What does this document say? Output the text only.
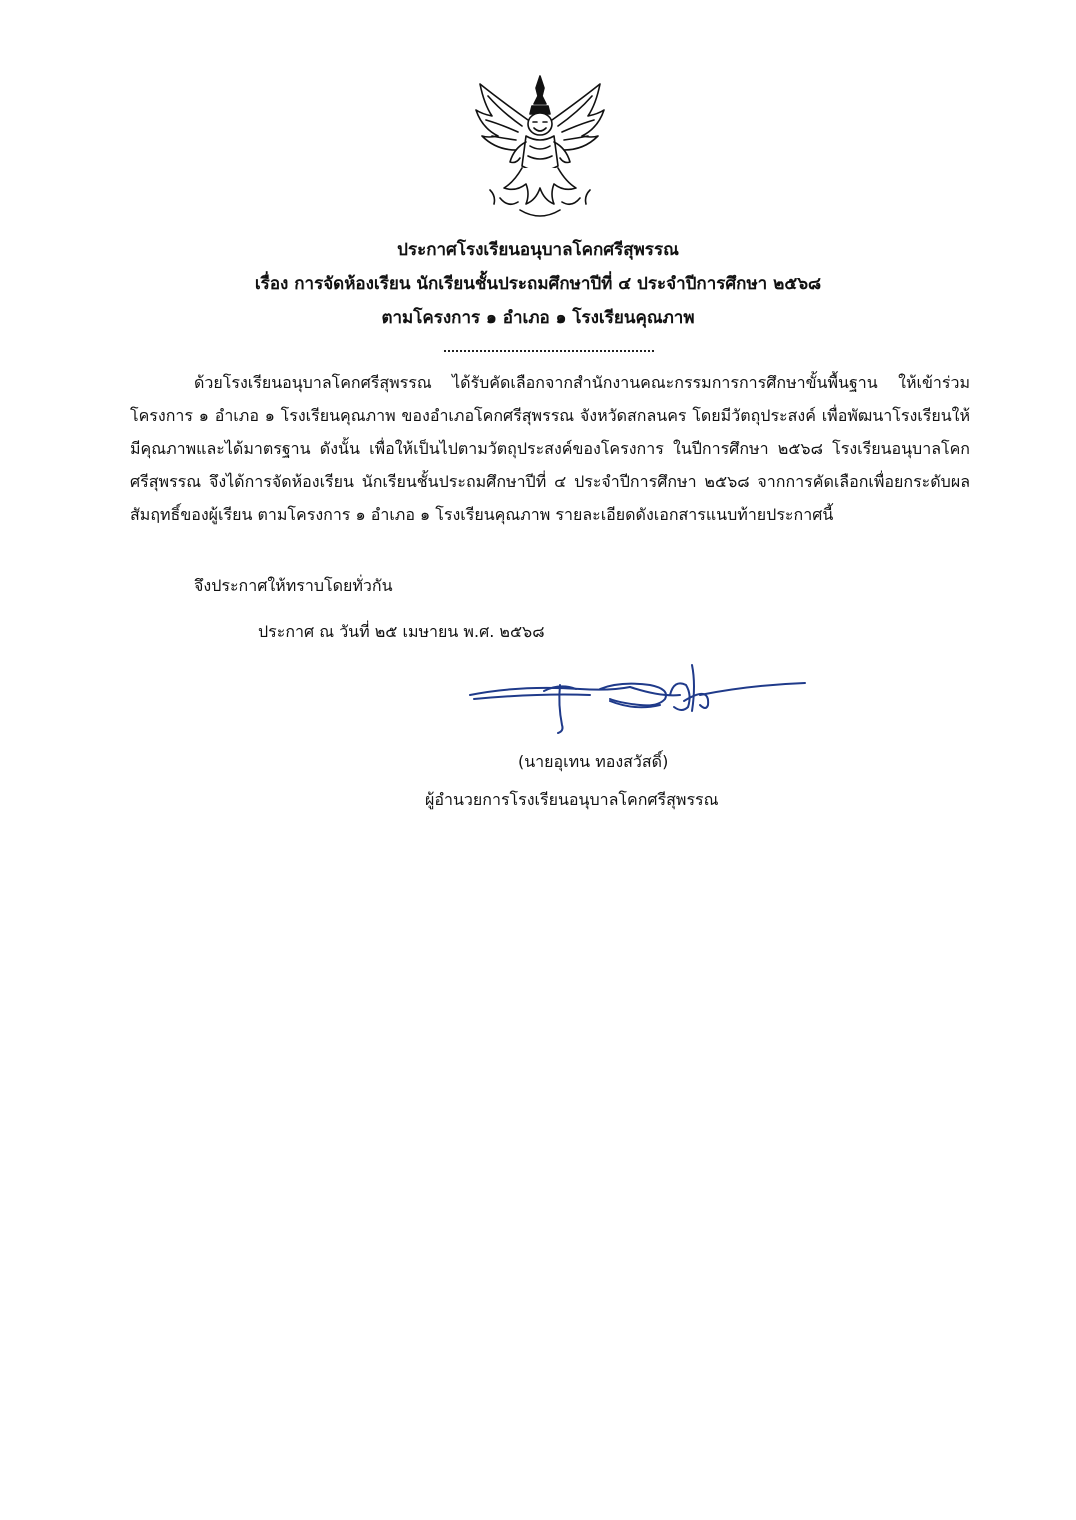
ประกาศโรงเรียนอนุบาลโคกศรีสุพรรณ
เรื่อง การจัดห้องเรียน นักเรียนชั้นประถมศึกษาปีที่ ๔ ประจำปีการศึกษา ๒๕๖๘
ตามโครงการ ๑ อำเภอ ๑ โรงเรียนคุณภาพ

ด้วยโรงเรียนอนุบาลโคกศรีสุพรรณ ได้รับคัดเลือกจากสำนักงานคณะกรรมการการศึกษาขั้นพื้นฐาน ให้เข้าร่วมโครงการ ๑ อำเภอ ๑ โรงเรียนคุณภาพ ของอำเภอโคกศรีสุพรรณ จังหวัดสกลนคร โดยมีวัตถุประสงค์ เพื่อพัฒนาโรงเรียนให้มีคุณภาพและได้มาตรฐาน ดังนั้น เพื่อให้เป็นไปตามวัตถุประสงค์ของโครงการ ในปีการศึกษา ๒๕๖๘ โรงเรียนอนุบาลโคกศรีสุพรรณ จึงได้การจัดห้องเรียน นักเรียนชั้นประถมศึกษาปีที่ ๔ ประจำปีการศึกษา ๒๕๖๘ จากการคัดเลือกเพื่อยกระดับผลสัมฤทธิ์ของผู้เรียน ตามโครงการ ๑ อำเภอ ๑ โรงเรียนคุณภาพ รายละเอียดดังเอกสารแนบท้ายประกาศนี้

จึงประกาศให้ทราบโดยทั่วกัน
ประกาศ ณ วันที่ ๒๕ เมษายน พ.ศ. ๒๕๖๘
(นายอุเทน ทองสวัสดิ์)
ผู้อำนวยการโรงเรียนอนุบาลโคกศรีสุพรรณ
